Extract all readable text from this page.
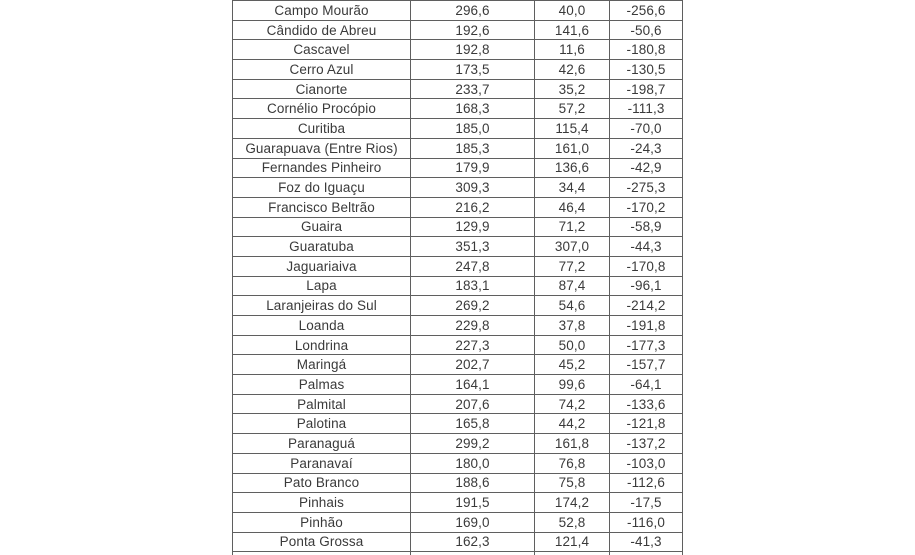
Campo Mourão	296,6	40,0	-256,6
Cândido de Abreu	192,6	141,6	-50,6
Cascavel	192,8	11,6	-180,8
Cerro Azul	173,5	42,6	-130,5
Cianorte	233,7	35,2	-198,7
Cornélio Procópio	168,3	57,2	-111,3
Curitiba	185,0	115,4	-70,0
Guarapuava (Entre Rios)	185,3	161,0	-24,3
Fernandes Pinheiro	179,9	136,6	-42,9
Foz do Iguaçu	309,3	34,4	-275,3
Francisco Beltrão	216,2	46,4	-170,2
Guaira	129,9	71,2	-58,9
Guaratuba	351,3	307,0	-44,3
Jaguariaiva	247,8	77,2	-170,8
Lapa	183,1	87,4	-96,1
Laranjeiras do Sul	269,2	54,6	-214,2
Loanda	229,8	37,8	-191,8
Londrina	227,3	50,0	-177,3
Maringá	202,7	45,2	-157,7
Palmas	164,1	99,6	-64,1
Palmital	207,6	74,2	-133,6
Palotina	165,8	44,2	-121,8
Paranaguá	299,2	161,8	-137,2
Paranavaí	180,0	76,8	-103,0
Pato Branco	188,6	75,8	-112,6
Pinhais	191,5	174,2	-17,5
Pinhão	169,0	52,8	-116,0
Ponta Grossa	162,3	121,4	-41,3
